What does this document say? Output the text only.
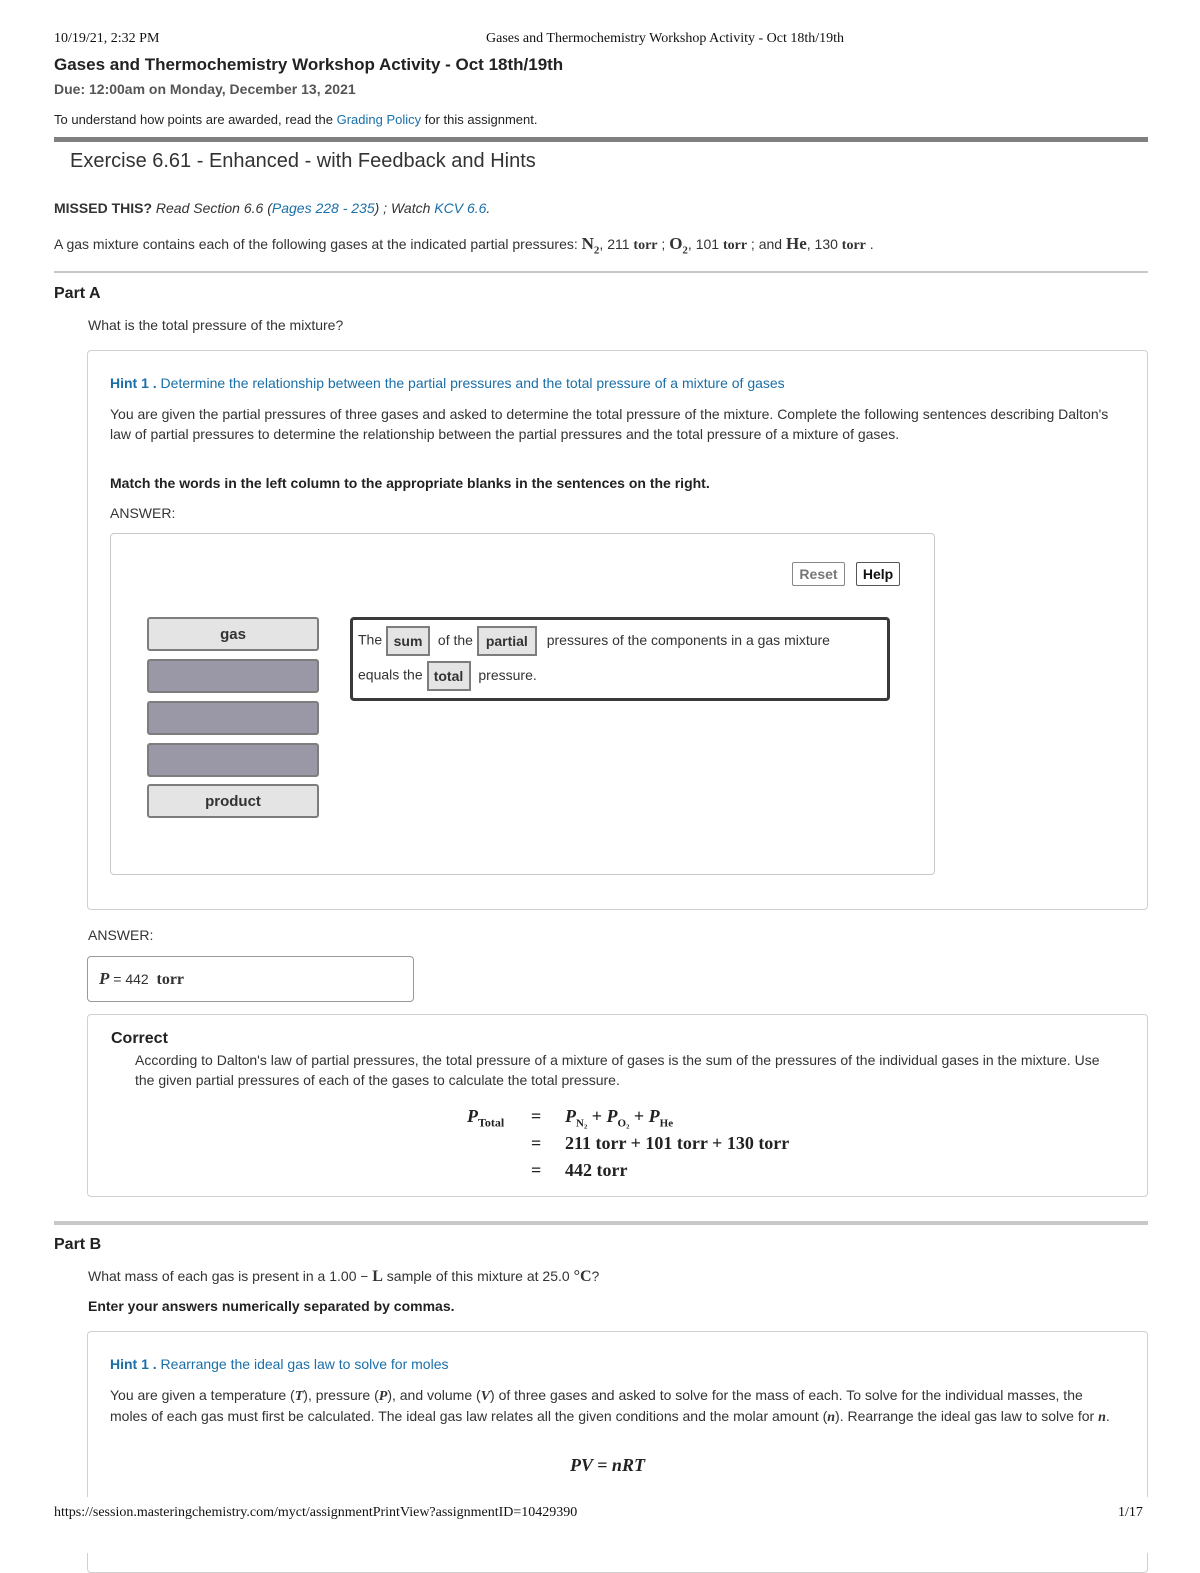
10/19/21, 2:32 PM	Gases and Thermochemistry Workshop Activity - Oct 18th/19th
Gases and Thermochemistry Workshop Activity - Oct 18th/19th
Due: 12:00am on Monday, December 13, 2021
To understand how points are awarded, read the Grading Policy for this assignment.
Exercise 6.61 - Enhanced - with Feedback and Hints
MISSED THIS? Read Section 6.6 (Pages 228 - 235) ; Watch KCV 6.6.
A gas mixture contains each of the following gases at the indicated partial pressures: $N_2$, 211 torr ; $O_2$, 101 torr ; and He, 130 torr .
Part A
What is the total pressure of the mixture?
Hint 1 . Determine the relationship between the partial pressures and the total pressure of a mixture of gases
You are given the partial pressures of three gases and asked to determine the total pressure of the mixture. Complete the following sentences describing Dalton's law of partial pressures to determine the relationship between the partial pressures and the total pressure of a mixture of gases.
Match the words in the left column to the appropriate blanks in the sentences on the right.
ANSWER:
Reset	Help
gas
product
The sum of the partial pressures of the components in a gas mixture
equals the total pressure.
ANSWER:
P = 442 torr
Correct
According to Dalton's law of partial pressures, the total pressure of a mixture of gases is the sum of the pressures of the individual gases in the mixture. Use the given partial pressures of each of the gases to calculate the total pressure.
$P_{Total} = P_{N_2} + P_{O_2} + P_{He}$
= 211 torr + 101 torr + 130 torr
= 442 torr
Part B
What mass of each gas is present in a 1.00 − L sample of this mixture at 25.0 °C?
Enter your answers numerically separated by commas.
Hint 1 . Rearrange the ideal gas law to solve for moles
You are given a temperature (T), pressure (P), and volume (V) of three gases and asked to solve for the mass of each. To solve for the individual masses, the moles of each gas must first be calculated. The ideal gas law relates all the given conditions and the molar amount (n). Rearrange the ideal gas law to solve for n.
PV = nRT
https://session.masteringchemistry.com/myct/assignmentPrintView?assignmentID=10429390	1/17
